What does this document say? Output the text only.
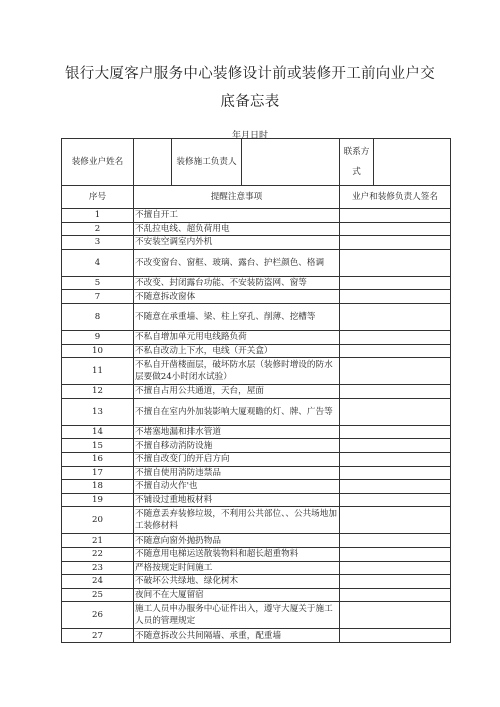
银行大厦客户服务中心装修设计前或装修开工前向业户交
底备忘表
年月日时
装修业户姓名		装修施工负责人		联系方式	
序号	提醒注意事项			业户和装修负责人签名	
1	不擅自开工				
2	不乱拉电线、超负荷用电				
3	不安装空调室内外机				
4	不改变窗台、窗框、玻璃、露台、护栏颜色、格调				
5	不改变、封闭露台功能、不安装防盗网、窗等				
7	不随意拆改窗体				
8	不随意在承重墙、梁、柱上穿孔、削薄、挖槽等				
9	不私自增加单元用电线路负荷				
10	不私自改动上下水，电线（开关盒）				
11	不私自开凿楼面层，破坏防水层（装修时增设的防水层要做24小时闭水试验）				
12	不擅自占用公共通道，天台，屋面				
13	不擅自在室内外加装影响大厦观瞻的灯、牌、广告等				
14	不堵塞地漏和排水管道				
15	不擅自移动消防设施				
16	不擅自改变门的开启方向				
17	不擅自使用消防违禁品				
18	不擅自动火作'也				
19	不铺设过重地板材料				
20	不随意丢弃装修垃圾，不利用公共部位、、公共场地加工装修材料				
21	不随意向窗外抛扔物品				
22	不随意用电梯运送散装物料和超长超重物料				
23	严格按规定时间施工				
24	不破坏公共绿地、绿化树木				
25	夜间不在大厦留宿				
26	施工人员申办服务中心证件出入，遵守大厦关于施工人员的管理规定				
27	不随意拆改公共间隔墙、承重，配重墙				
